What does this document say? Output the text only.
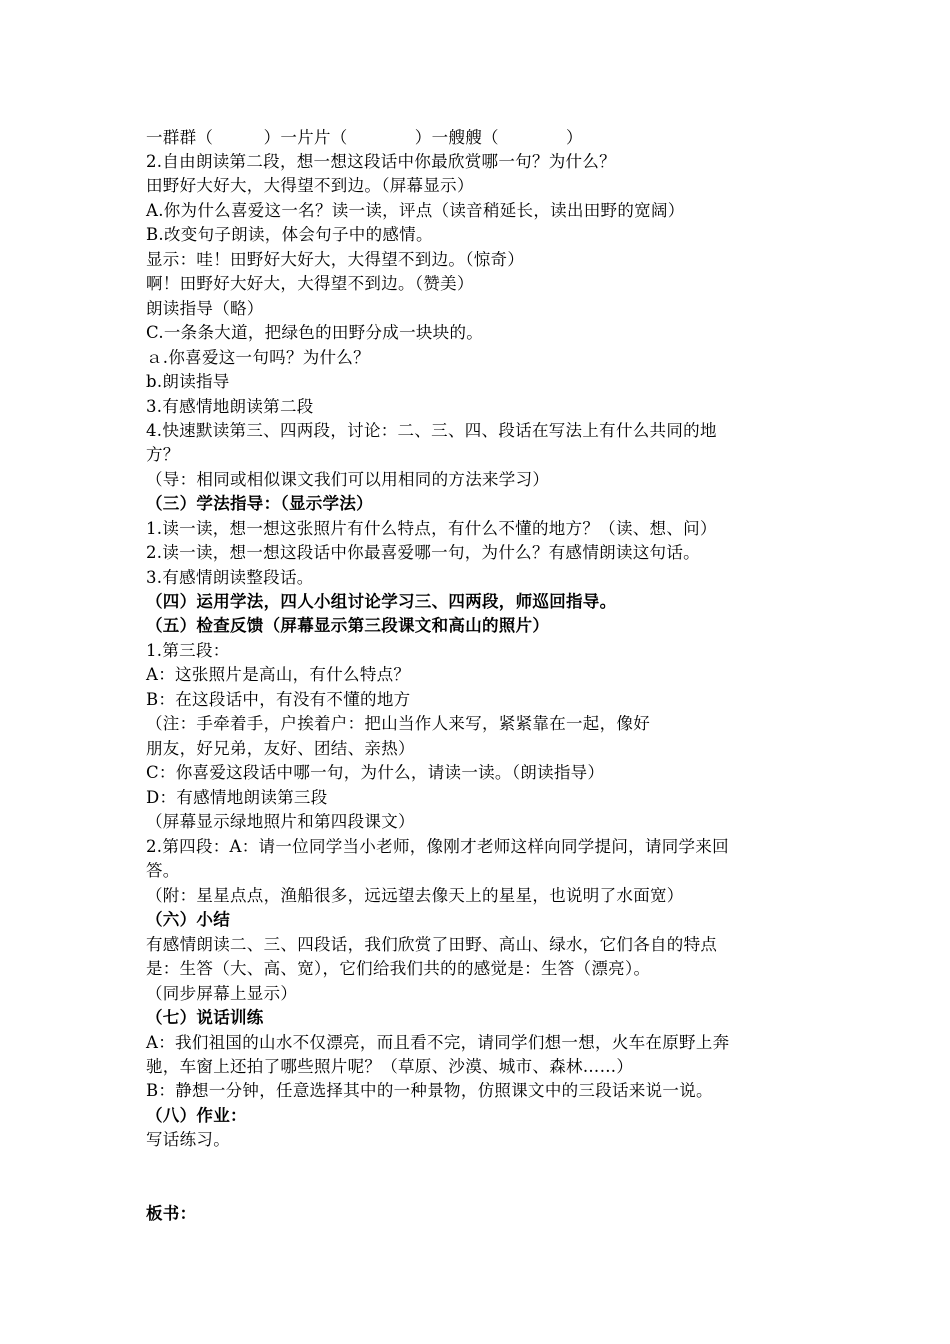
一群群（　　　）一片片（　　　　）一艘艘（　　　　）
2.自由朗读第二段，想一想这段话中你最欣赏哪一句？为什么？
田野好大好大，大得望不到边。（屏幕显示）
A.你为什么喜爱这一名？读一读，评点（读音稍延长，读出田野的宽阔）
B.改变句子朗读，体会句子中的感情。
显示：哇！田野好大好大，大得望不到边。（惊奇）
啊！田野好大好大，大得望不到边。（赞美）
朗读指导（略）
C.一条条大道，把绿色的田野分成一块块的。
ａ.你喜爱这一句吗？为什么？
b.朗读指导
3.有感情地朗读第二段
4.快速默读第三、四两段，讨论：二、三、四、段话在写法上有什么共同的地
方？
（导：相同或相似课文我们可以用相同的方法来学习）
（三）学法指导：（显示学法）
1.读一读，想一想这张照片有什么特点，有什么不懂的地方？（读、想、问）
2.读一读，想一想这段话中你最喜爱哪一句，为什么？有感情朗读这句话。
3.有感情朗读整段话。
（四）运用学法，四人小组讨论学习三、四两段，师巡回指导。
（五）检查反馈（屏幕显示第三段课文和高山的照片）
1.第三段：
A：这张照片是高山，有什么特点？
B：在这段话中，有没有不懂的地方
（注：手牵着手，户挨着户：把山当作人来写，紧紧靠在一起，像好
朋友，好兄弟，友好、团结、亲热）
C：你喜爱这段话中哪一句，为什么，请读一读。（朗读指导）
D：有感情地朗读第三段
（屏幕显示绿地照片和第四段课文）
2.第四段：A：请一位同学当小老师，像刚才老师这样向同学提问，请同学来回
答。
（附：星星点点，渔船很多，远远望去像天上的星星，也说明了水面宽）
（六）小结
有感情朗读二、三、四段话，我们欣赏了田野、高山、绿水，它们各自的特点
是：生答（大、高、宽），它们给我们共的的感觉是：生答（漂亮）。
（同步屏幕上显示）
（七）说话训练
A：我们祖国的山水不仅漂亮，而且看不完，请同学们想一想，火车在原野上奔
驰，车窗上还拍了哪些照片呢？（草原、沙漠、城市、森林……）
B：静想一分钟，任意选择其中的一种景物，仿照课文中的三段话来说一说。
（八）作业：
写话练习。
板书：
